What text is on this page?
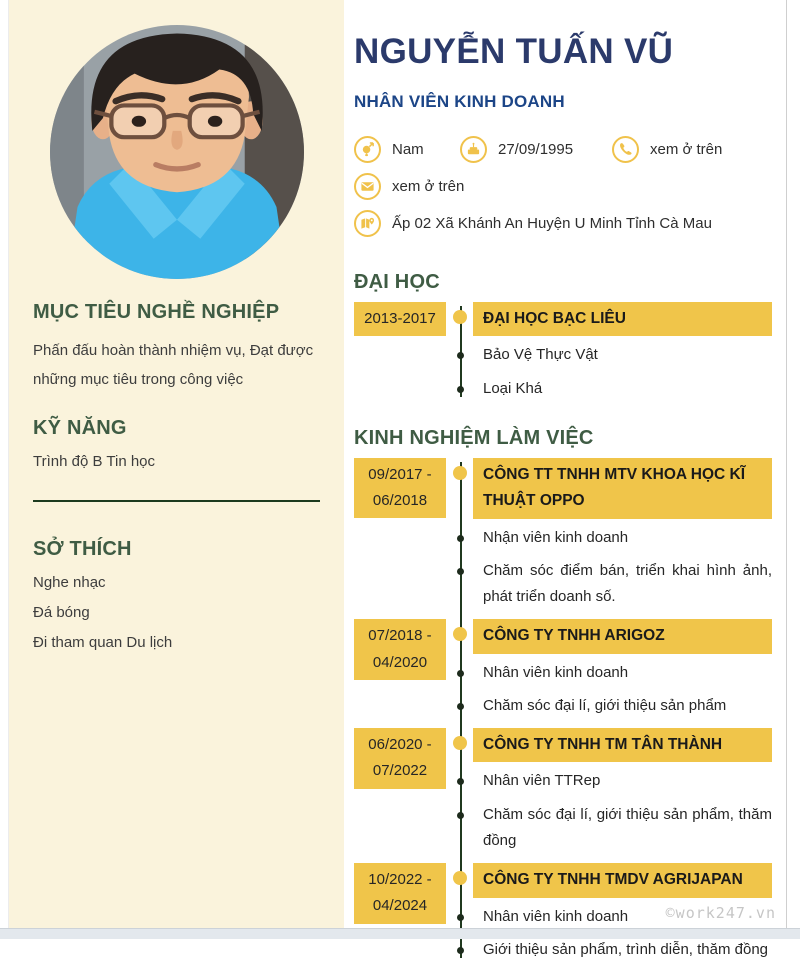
MỤC TIÊU NGHỀ NGHIỆP

Phấn đấu hoàn thành nhiệm vụ, Đạt được những mục tiêu trong công việc

KỸ NĂNG

Trình độ B Tin học

SỞ THÍCH

Nghe nhạc

Đá bóng

Đi tham quan Du lịch

NGUYỄN TUẤN VŨ
NHÂN VIÊN KINH DOANH
Nam	27/09/1995	xem ở trên
xem ở trên
Ấp 02 Xã Khánh An Huyện U Minh Tỉnh Cà Mau
ĐẠI HỌC
2013-2017	ĐẠI HỌC BẠC LIÊU
Bảo Vệ Thực Vật
Loại Khá
KINH NGHIỆM LÀM VIỆC
09/2017 - 06/2018
CÔNG TT TNHH MTV KHOA HỌC KĨ THUẬT OPPO
Nhận viên kinh doanh
Chăm sóc điểm bán, triển khai hình ảnh, phát triển doanh số.
07/2018 - 04/2020
CÔNG TY TNHH ARIGOZ
Nhân viên kinh doanh
Chăm sóc đại lí, giới thiệu sản phẩm
06/2020 - 07/2022
CÔNG TY TNHH TM TÂN THÀNH
Nhân viên TTRep
Chăm sóc đại lí, giới thiệu sản phẩm, thăm đồng
10/2022 - 04/2024
CÔNG TY TNHH TMDV AGRIJAPAN
Nhân viên kinh doanh
Giới thiệu sản phẩm, trình diễn, thăm đồng
©work247.vn
